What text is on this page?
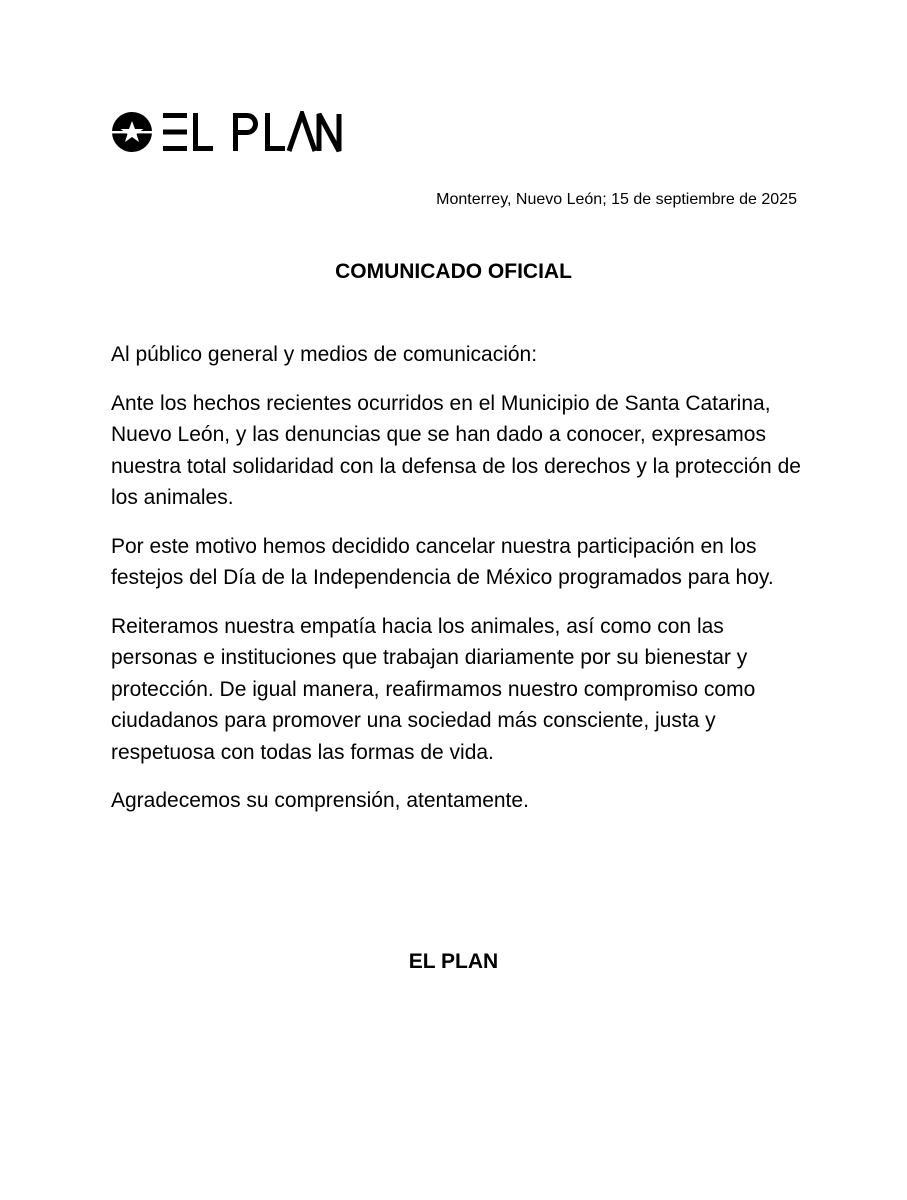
Monterrey, Nuevo León; 15 de septiembre de 2025
COMUNICADO OFICIAL

Al público general y medios de comunicación:

Ante los hechos recientes ocurridos en el Municipio de Santa Catarina, Nuevo León, y las denuncias que se han dado a conocer, expresamos nuestra total solidaridad con la defensa de los derechos y la protección de los animales.

Por este motivo hemos decidido cancelar nuestra participación en los festejos del Día de la Independencia de México programados para hoy.

Reiteramos nuestra empatía hacia los animales, así como con las personas e instituciones que trabajan diariamente por su bienestar y protección. De igual manera, reafirmamos nuestro compromiso como ciudadanos para promover una sociedad más consciente, justa y respetuosa con todas las formas de vida.

Agradecemos su comprensión, atentamente.

EL PLAN
